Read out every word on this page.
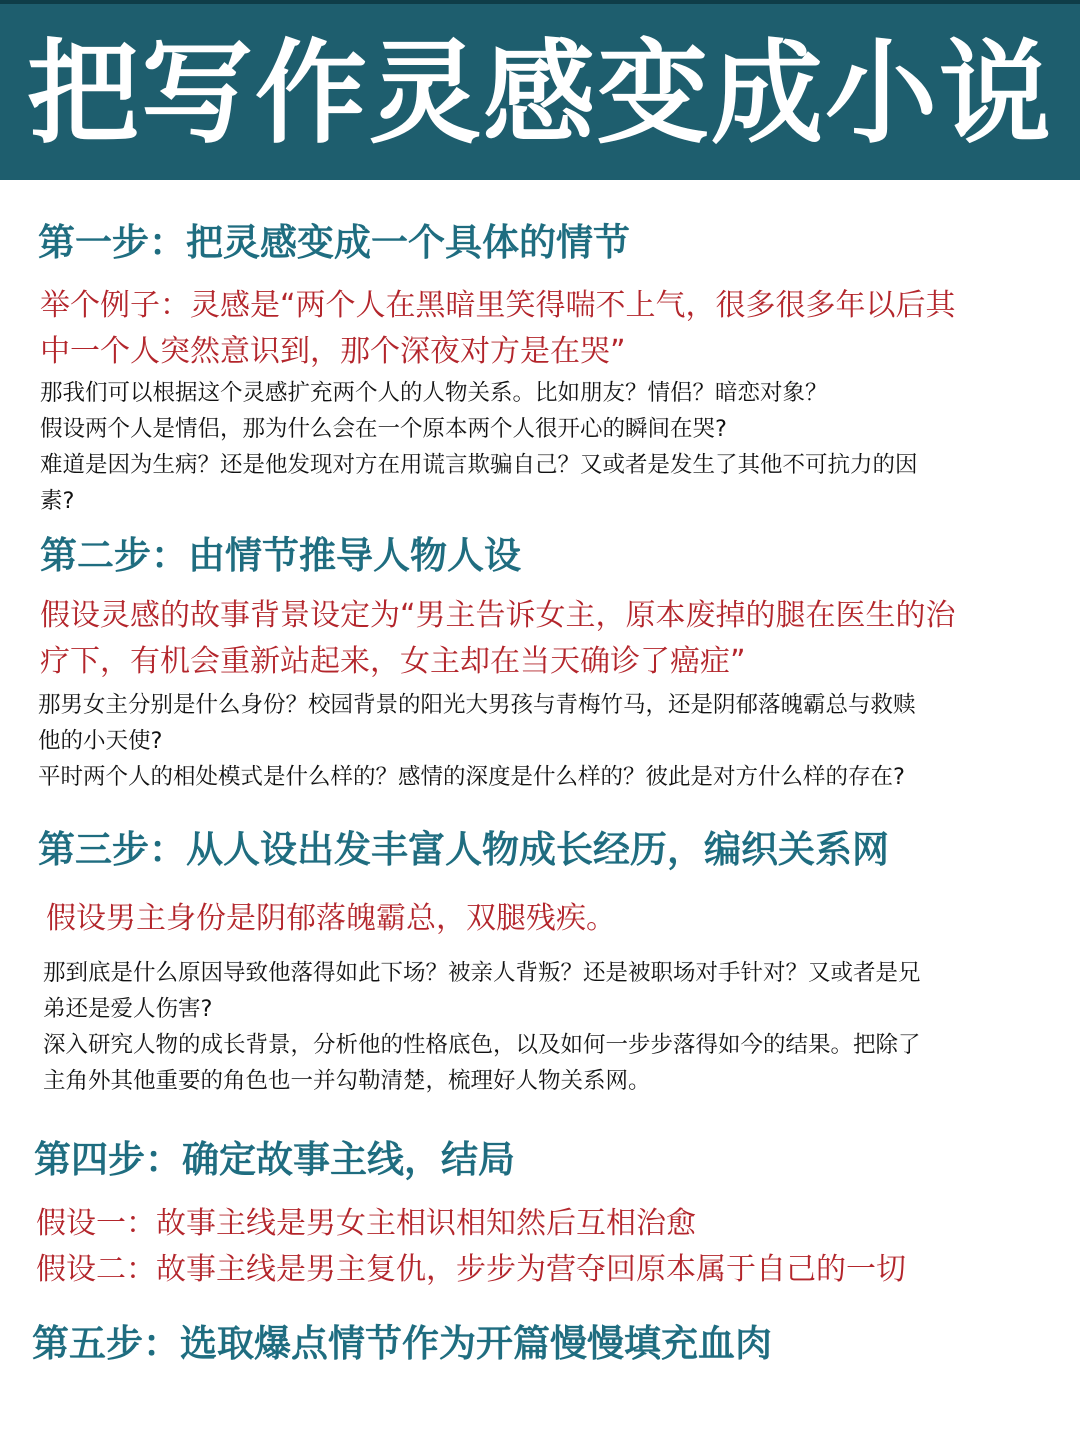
把写作灵感变成小说
第一步：把灵感变成一个具体的情节

举个例子：灵感是“两个人在黑暗里笑得喘不上气，很多很多年以后其

中一个人突然意识到，那个深夜对方是在哭”

那我们可以根据这个灵感扩充两个人的人物关系。比如朋友？情侣？暗恋对象？

假设两个人是情侣，那为什么会在一个原本两个人很开心的瞬间在哭?

难道是因为生病？还是他发现对方在用谎言欺骗自己？又或者是发生了其他不可抗力的因

素?

第二步：由情节推导人物人设

假设灵感的故事背景设定为“男主告诉女主，原本废掉的腿在医生的治

疗下，有机会重新站起来，女主却在当天确诊了癌症”

那男女主分别是什么身份？校园背景的阳光大男孩与青梅竹马，还是阴郁落魄霸总与救赎

他的小天使?

平时两个人的相处模式是什么样的？感情的深度是什么样的？彼此是对方什么样的存在?

第三步：从人设出发丰富人物成长经历，编织关系网

假设男主身份是阴郁落魄霸总，双腿残疾。

那到底是什么原因导致他落得如此下场？被亲人背叛？还是被职场对手针对？又或者是兄

弟还是爱人伤害?

深入研究人物的成长背景，分析他的性格底色，以及如何一步步落得如今的结果。把除了

主角外其他重要的角色也一并勾勒清楚，梳理好人物关系网。

第四步：确定故事主线，结局

假设一：故事主线是男女主相识相知然后互相治愈

假设二：故事主线是男主复仇，步步为营夺回原本属于自己的一切

第五步：选取爆点情节作为开篇慢慢填充血肉
